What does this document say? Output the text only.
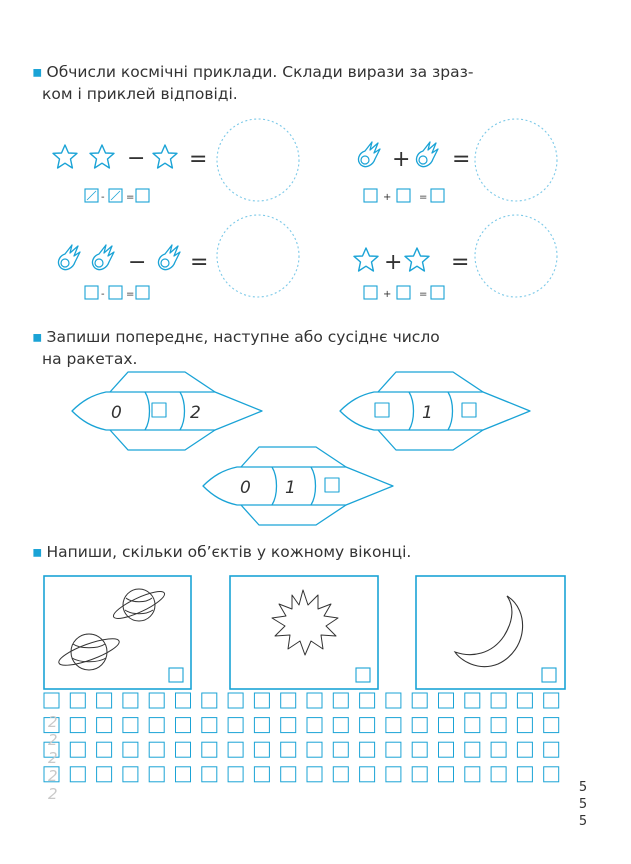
▪ Обчисли космічні приклади. Склади вирази за зраз-
ком і приклей відповіді.
▪ Запиши попереднє, наступне або сусіднє число
на ракетах.
▪ Напиши, скільки об’єктів у кожному віконці.
− =
- =
+ =
+	=
− =
- =
+ =
+	=
0	2	1
0 1
2
2
2
2
2	5
5
5
